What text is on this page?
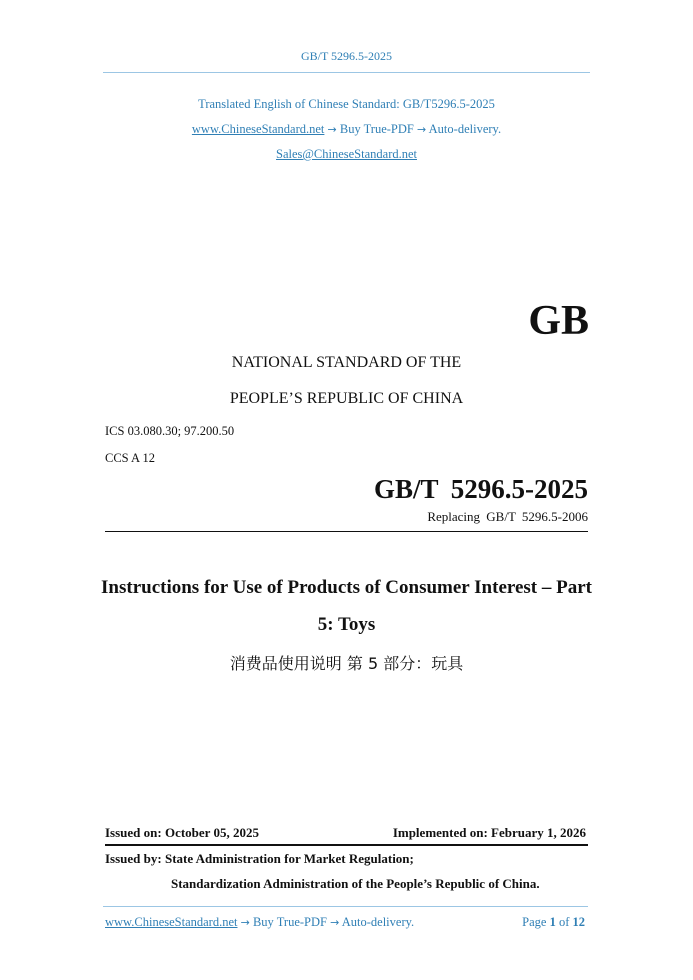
GB/T 5296.5-2025
Translated English of Chinese Standard: GB/T5296.5-2025
www.ChineseStandard.net → Buy True-PDF → Auto-delivery.
Sales@ChineseStandard.net
GB
NATIONAL STANDARD OF THE
PEOPLE’S REPUBLIC OF CHINA
ICS 03.080.30; 97.200.50
CCS A 12
GB/T 5296.5-2025
Replacing GB/T 5296.5-2006
Instructions for Use of Products of Consumer Interest – Part
5: Toys
消费品使用说明 第 5 部分：玩具
Issued on: October 05, 2025	Implemented on: February 1, 2026
Issued by: State Administration for Market Regulation;
Standardization Administration of the People’s Republic of China.
www.ChineseStandard.net → Buy True-PDF → Auto-delivery.	Page 1 of 12
